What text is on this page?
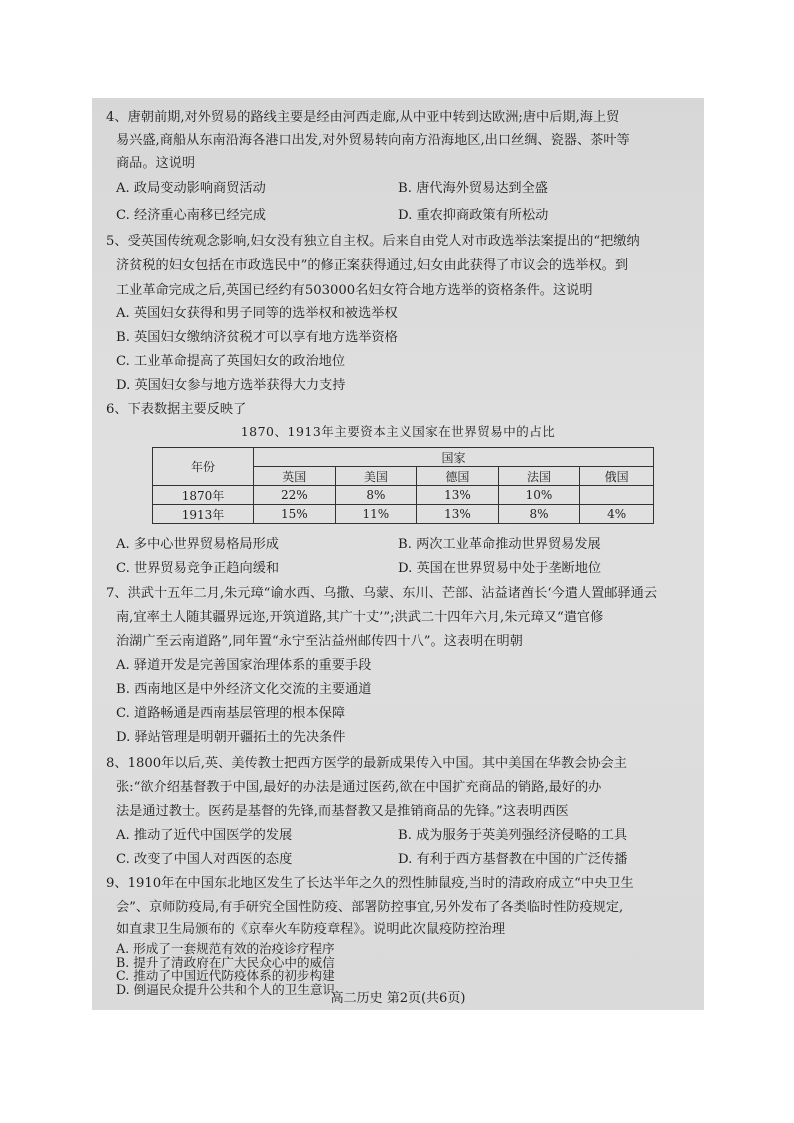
4、唐朝前期,对外贸易的路线主要是经由河西走廊,从中亚中转到达欧洲;唐中后期,海上贸
易兴盛,商船从东南沿海各港口出发,对外贸易转向南方沿海地区,出口丝绸、瓷器、茶叶等
商品。这说明
A. 政局变动影响商贸活动	B. 唐代海外贸易达到全盛
C. 经济重心南移已经完成	D. 重农抑商政策有所松动
5、受英国传统观念影响,妇女没有独立自主权。后来自由党人对市政选举法案提出的“把缴纳
济贫税的妇女包括在市政选民中”的修正案获得通过,妇女由此获得了市议会的选举权。到
工业革命完成之后,英国已经约有503000名妇女符合地方选举的资格条件。这说明
A. 英国妇女获得和男子同等的选举权和被选举权
B. 英国妇女缴纳济贫税才可以享有地方选举资格
C. 工业革命提高了英国妇女的政治地位
D. 英国妇女参与地方选举获得大力支持
6、下表数据主要反映了
1870、1913年主要资本主义国家在世界贸易中的占比
年份	国家				
	英国	美国	德国	法国	俄国
1870年	22%	8%	13%	10%	
1913年	15%	11%	13%	8%	4%
A. 多中心世界贸易格局形成	B. 两次工业革命推动世界贸易发展
C. 世界贸易竞争正趋向缓和	D. 英国在世界贸易中处于垄断地位
7、洪武十五年二月,朱元璋“谕水西、乌撒、乌蒙、东川、芒部、沾益诸酋长‘今遣人置邮驿通云
南,宜率土人随其疆界远迩,开筑道路,其广十丈’”;洪武二十四年六月,朱元璋又“遣官修
治湖广至云南道路”,同年置“永宁至沾益州邮传四十八”。这表明在明朝
A. 驿道开发是完善国家治理体系的重要手段
B. 西南地区是中外经济文化交流的主要通道
C. 道路畅通是西南基层管理的根本保障
D. 驿站管理是明朝开疆拓土的先决条件
8、1800年以后,英、美传教士把西方医学的最新成果传入中国。其中美国在华教会协会主
张:“欲介绍基督教于中国,最好的办法是通过医药,欲在中国扩充商品的销路,最好的办
法是通过教士。医药是基督的先锋,而基督教又是推销商品的先锋。”这表明西医
A. 推动了近代中国医学的发展	B. 成为服务于英美列强经济侵略的工具
C. 改变了中国人对西医的态度	D. 有利于西方基督教在中国的广泛传播
9、1910年在中国东北地区发生了长达半年之久的烈性肺鼠疫,当时的清政府成立“中央卫生
会”、京师防疫局,有手研究全国性防疫、部署防控事宜,另外发布了各类临时性防疫规定,
如直隶卫生局颁布的《京奉火车防疫章程》。说明此次鼠疫防控治理
A. 形成了一套规范有效的治疫诊疗程序
B. 提升了清政府在广大民众心中的威信
高二历史 第2页(共6页)
C. 推动了中国近代防疫体系的初步构建
D. 倒逼民众提升公共和个人的卫生意识
